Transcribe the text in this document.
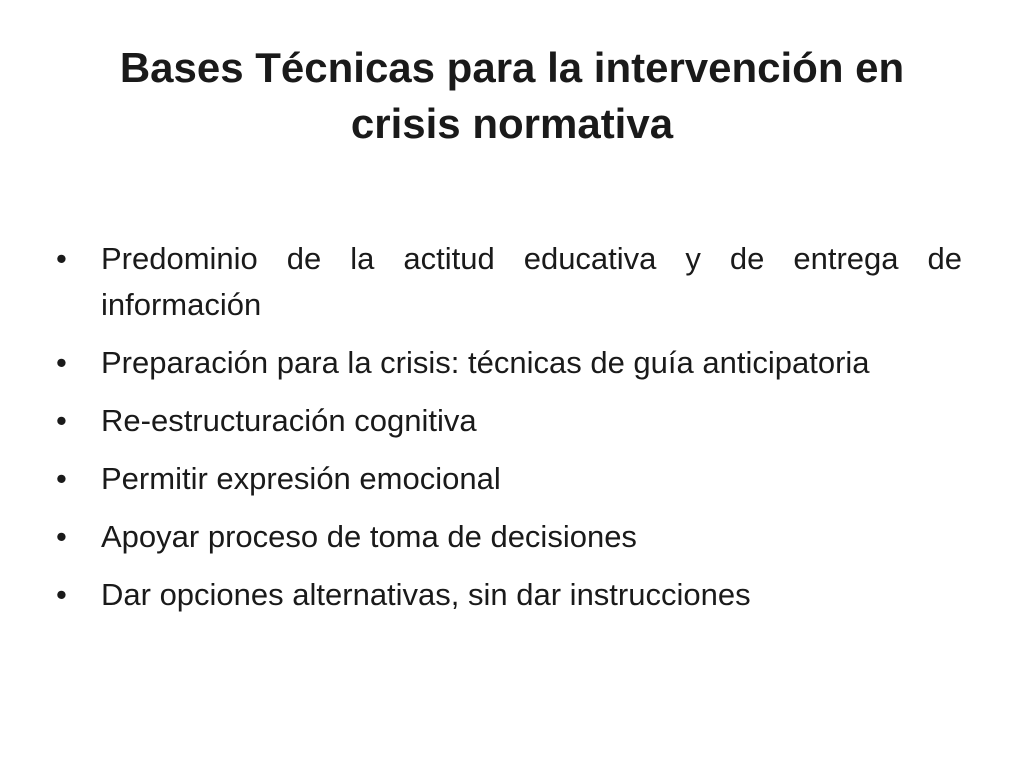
Bases Técnicas para la intervención en crisis normativa
• Predominio de la actitud educativa y de entrega de información
• Preparación para la crisis: técnicas de guía anticipatoria
• Re-estructuración cognitiva
• Permitir expresión emocional
• Apoyar proceso de toma de decisiones
• Dar opciones alternativas, sin dar instrucciones
